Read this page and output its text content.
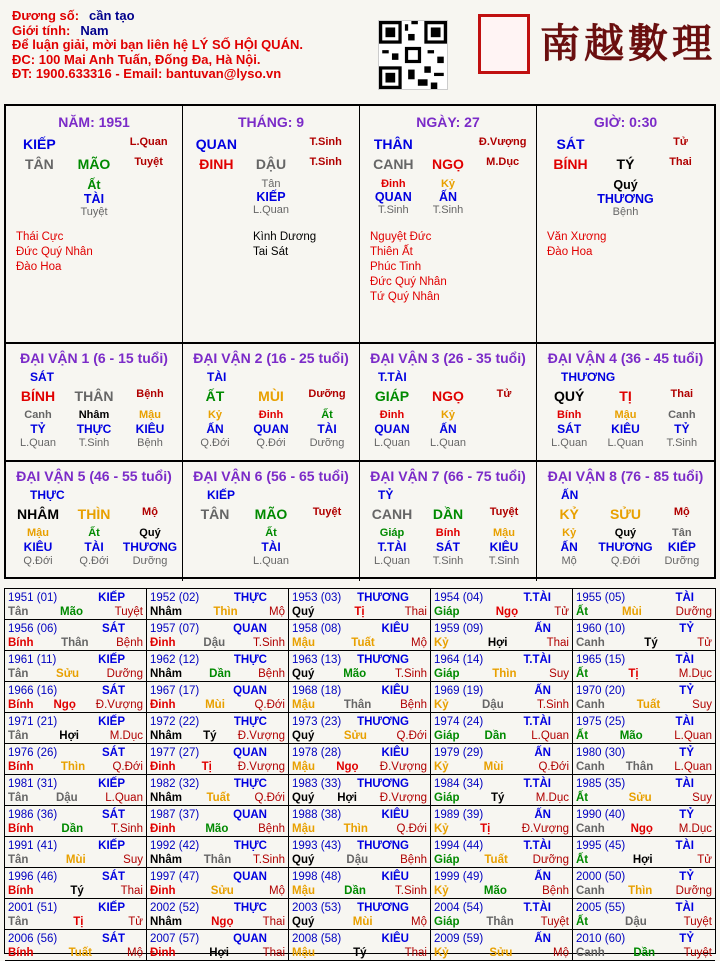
Đương số: cần tạo
Giới tính: Nam
Để luận giải, mời bạn liên hệ LÝ SỐ HỘI QUÁN.
ĐC: 100 Mai Anh Tuấn, Đống Đa, Hà Nội.
ĐT: 1900.633316 - Email: bantuvan@lyso.vn
南越數理
NĂM: 1951
KIẾP	L.Quan
TÂN	MÃO	Tuyệt
Ất
TÀI
Tuyệt
Thái Cực
Đức Quý Nhân
Đào Hoa
THÁNG: 9
QUAN	T.Sinh
ĐINH	DẬU	T.Sinh
Tân
KIẾP
L.Quan
Kình Dương
Tai Sát
NGÀY: 27
THÂN	Đ.Vượng
CANH	NGỌ	M.Dục
Đinh
QUAN
T.Sinh
Kỷ
ẤN
T.Sinh
Nguyệt Đức
Thiên Ất
Phúc Tinh
Đức Quý Nhân
Tứ Quý Nhân
GIỜ: 0:30
SÁT	Tử
BÍNH	TÝ	Thai
Quý
THƯƠNG
Bệnh
Văn Xương
Đào Hoa
ĐẠI VẬN 1 (6 - 15 tuổi)
SÁT
BÍNH	THÂN	Bệnh
Canh
TỶ
L.Quan
Nhâm
THỰC
T.Sinh
Mậu
KIÊU
Bệnh
ĐẠI VẬN 2 (16 - 25 tuổi)
TÀI
ẤT	MÙI	Dưỡng
Kỷ
ẤN
Q.Đới
Đinh
QUAN
Q.Đới
Ất
TÀI
Dưỡng
ĐẠI VẬN 3 (26 - 35 tuổi)
T.TÀI
GIÁP	NGỌ	Tử
Đinh
QUAN
L.Quan
Kỷ
ẤN
L.Quan
ĐẠI VẬN 4 (36 - 45 tuổi)
THƯƠNG
QUÝ	TỊ	Thai
Bính
SÁT
L.Quan
Mậu
KIÊU
L.Quan
Canh
TỶ
T.Sinh
ĐẠI VẬN 5 (46 - 55 tuổi)
THỰC
NHÂM	THÌN	Mộ
Mậu
KIÊU
Q.Đới
Ất
TÀI
Q.Đới
Quý
THƯƠNG
Dưỡng
ĐẠI VẬN 6 (56 - 65 tuổi)
KIẾP
TÂN	MÃO	Tuyệt
Ất
TÀI
L.Quan
ĐẠI VẬN 7 (66 - 75 tuổi)
TỶ
CANH	DẦN	Tuyệt
Giáp
T.TÀI
L.Quan
Bính
SÁT
T.Sinh
Mậu
KIÊU
T.Sinh
ĐẠI VẬN 8 (76 - 85 tuổi)
ẤN
KỶ	SỬU	Mộ
Kỷ
ẤN
Mộ
Quý
THƯƠNG
Q.Đới
Tân
KIẾP
Dưỡng
1951 (01)	KIẾP
Tân	Mão	Tuyệt
1952 (02)	THỰC
Nhâm	Thìn	Mộ
1953 (03) THƯƠNG
Quý	Tị	Thai
1954 (04)	T.TÀI
Giáp	Ngọ	Tử
1955 (05)	TÀI
Ất	Mùi	Dưỡng
1956 (06)	SÁT
Bính Thân Bệnh
1957 (07)	QUAN
Đinh Dậu T.Sinh
1958 (08)	KIÊU
Mậu	Tuất	Mộ
1959 (09)	ẤN
Kỷ	Hợi	Thai
1960 (10)	TỶ
Canh	Tý	Tử
1961 (11)	KIẾP
Tân Sửu Dưỡng
1962 (12)	THỰC
Nhâm Dần Bệnh
1963 (13) THƯƠNG
Quý	Mão	T.Sinh
1964 (14)	T.TÀI
Giáp	Thìn	Suy
1965 (15)	TÀI
Ất	Tị	M.Dục
1966 (16)	SÁT
Bính Ngọ Đ.Vượng
1967 (17)	QUAN
Đinh	Mùi	Q.Đới
1968 (18)	KIÊU
Mậu	Thân	Bệnh
1969 (19)	ẤN
Kỷ	Dậu	T.Sinh
1970 (20)	TỶ
Canh	Tuất	Suy
1971 (21)	KIẾP
Tân	Hợi	M.Dục
1972 (22)	THỰC
Nhâm Tý Đ.Vượng
1973 (23) THƯƠNG
Quý	Sửu	Q.Đới
1974 (24)	T.TÀI
Giáp Dần L.Quan
1975 (25)	TÀI
Ất	Mão	L.Quan
1976 (26)	SÁT
Bính Thìn Q.Đới
1977 (27)	QUAN
Đinh Tị Đ.Vượng
1978 (28)	KIÊU
Mậu Ngọ Đ.Vượng
1979 (29)	ẤN
Kỷ	Mùi	Q.Đới
1980 (30)	TỶ
Canh Thân L.Quan
1981 (31)	KIẾP
Tân Dậu L.Quan
1982 (32)	THỰC
Nhâm Tuất Q.Đới
1983 (33) THƯƠNG
Quý Hợi Đ.Vượng
1984 (34)	T.TÀI
Giáp	Tý	M.Dục
1985 (35)	TÀI
Ất	Sửu	Suy
1986 (36)	SÁT
Bính Dần T.Sinh
1987 (37)	QUAN
Đinh	Mão	Bệnh
1988 (38)	KIÊU
Mậu Thìn Q.Đới
1989 (39)	ẤN
Kỷ	Tị	Đ.Vượng
1990 (40)	TỶ
Canh Ngọ M.Dục
1991 (41)	KIẾP
Tân	Mùi	Suy
1992 (42)	THỰC
Nhâm Thân T.Sinh
1993 (43) THƯƠNG
Quý	Dậu	Bệnh
1994 (44)	T.TÀI
Giáp Tuất Dưỡng
1995 (45)	TÀI
Ất	Hợi	Tử
1996 (46)	SÁT
Bính	Tý	Thai
1997 (47)	QUAN
Đinh	Sửu	Mộ
1998 (48)	KIÊU
Mậu	Dần	T.Sinh
1999 (49)	ẤN
Kỷ	Mão	Bệnh
2000 (50)	TỶ
Canh Thìn Dưỡng
2001 (51)	KIẾP
Tân	Tị	Tử
2002 (52)	THỰC
Nhâm	Ngọ	Thai
2003 (53) THƯƠNG
Quý	Mùi	Mộ
2004 (54)	T.TÀI
Giáp Thân Tuyệt
2005 (55)	TÀI
Ất	Dậu	Tuyệt
2006 (56)	SÁT
Bính	Tuất	Mộ
2007 (57)	QUAN
Đinh	Hợi	Thai
2008 (58)	KIÊU
Mậu	Tý	Thai
2009 (59)	ẤN
Kỷ	Sửu	Mộ
2010 (60)	TỶ
Canh Dần Tuyệt
